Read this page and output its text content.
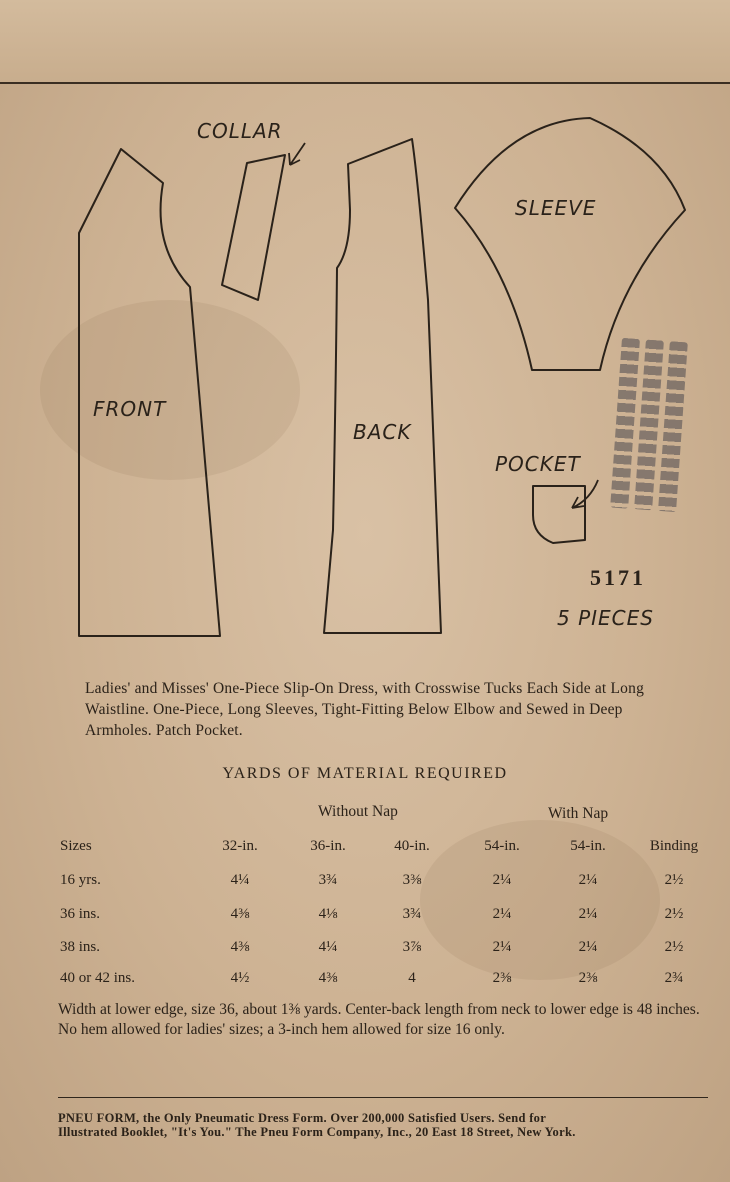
COLLAR
SLEEVE
FRONT
BACK
POCKET
5171
5 PIECES
Ladies' and Misses' One-Piece Slip-On Dress, with Crosswise Tucks Each Side at Long Waistline. One-Piece, Long Sleeves, Tight-Fitting Below Elbow and Sewed in Deep Armholes. Patch Pocket.
YARDS OF MATERIAL REQUIRED
Without Nap	With Nap
Sizes	32-in.	36-in.	40-in.	54-in.	54-in.	Binding
16 yrs.	4¼	3¾	3⅜	2¼	2¼	2½
36 ins.	4⅜	4⅛	3¾	2¼	2¼	2½
38 ins.	4⅜	4¼	3⅞	2¼	2¼	2½
40 or 42 ins.	4½	4⅜	4	2⅜	2⅜	2¾
Width at lower edge, size 36, about 1⅜ yards. Center-back length from neck to lower edge is 48 inches. No hem allowed for ladies' sizes; a 3-inch hem allowed for size 16 only.
PNEU FORM, the Only Pneumatic Dress Form. Over 200,000 Satisfied Users. Send for
Illustrated Booklet, "It's You." The Pneu Form Company, Inc., 20 East 18 Street, New York.
